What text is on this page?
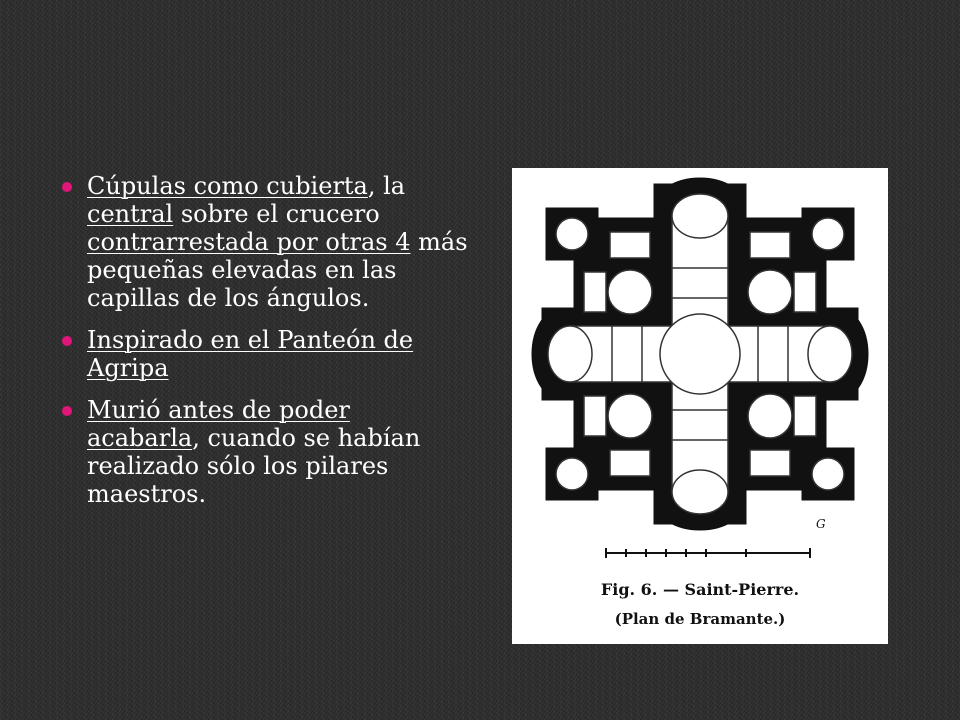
Cúpulas como cubierta, la central sobre el crucero contrarrestada por otras 4 más pequeñas elevadas en las capillas de los ángulos.
Inspirado en el Panteón de Agripa
Murió antes de poder acabarla, cuando se habían realizado sólo los pilares maestros.
G
Fig. 6. — Saint-Pierre.
(Plan de Bramante.)
